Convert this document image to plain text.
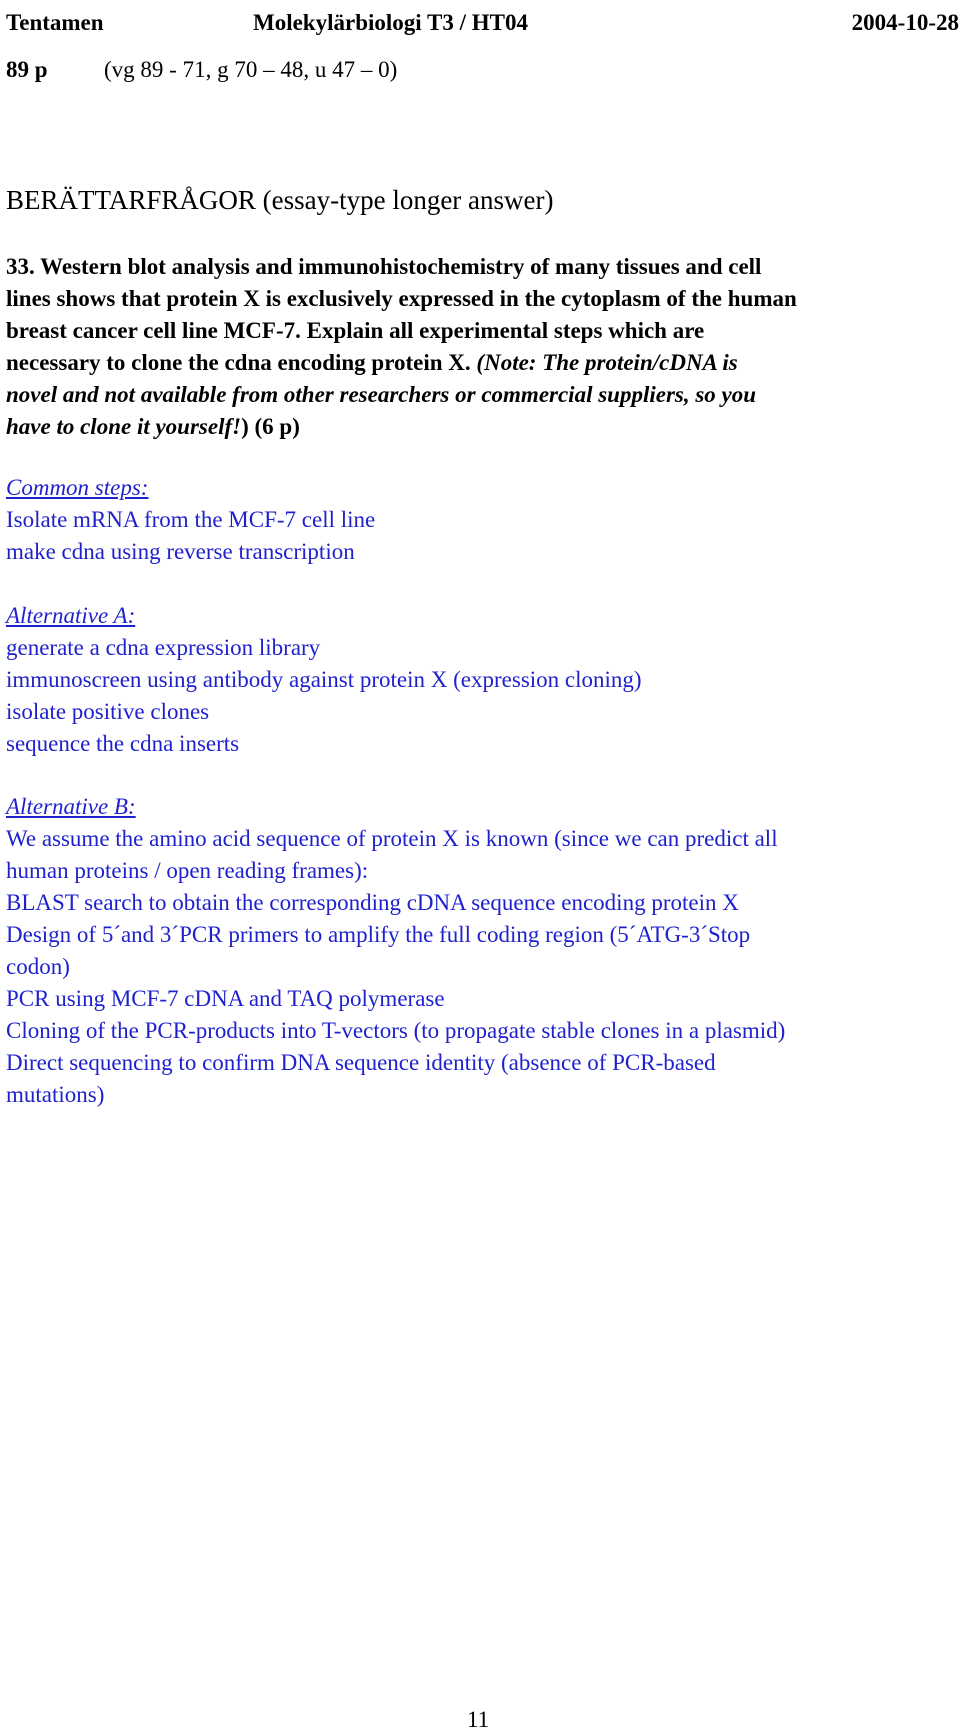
Tentamen	Molekylärbiologi T3 / HT04	2004-10-28
89 p (vg 89 - 71, g 70 – 48, u 47 – 0)
BERÄTTARFRÅGOR (essay-type longer answer)
33. Western blot analysis and immunohistochemistry of many tissues and cell
lines shows that protein X is exclusively expressed in the cytoplasm of the human
breast cancer cell line MCF-7. Explain all experimental steps which are
necessary to clone the cdna encoding protein X. (Note: The protein/cDNA is
novel and not available from other researchers or commercial suppliers, so you
have to clone it yourself!) (6 p)
Common steps:
Isolate mRNA from the MCF-7 cell line
make cdna using reverse transcription
Alternative A:
generate a cdna expression library
immunoscreen using antibody against protein X (expression cloning)
isolate positive clones
sequence the cdna inserts
Alternative B:
We assume the amino acid sequence of protein X is known (since we can predict all
human proteins / open reading frames):
BLAST search to obtain the corresponding cDNA sequence encoding protein X
Design of 5´and 3´PCR primers to amplify the full coding region (5´ATG-3´Stop
codon)
PCR using MCF-7 cDNA and TAQ polymerase
Cloning of the PCR-products into T-vectors (to propagate stable clones in a plasmid)
Direct sequencing to confirm DNA sequence identity (absence of PCR-based
mutations)
11
